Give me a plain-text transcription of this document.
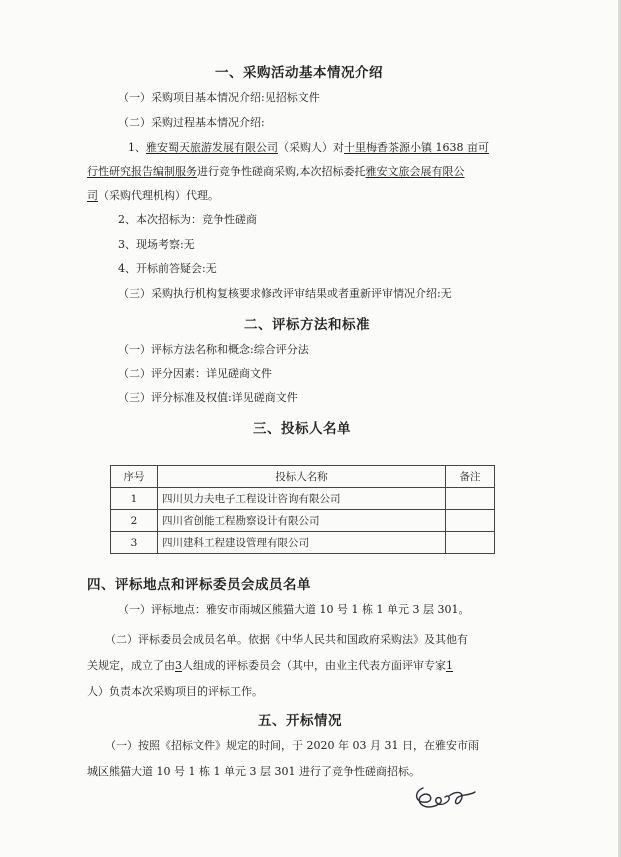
一、采购活动基本情况介绍
（一）采购项目基本情况介绍:见招标文件
（二）采购过程基本情况介绍:
1、雅安蜀天旅游发展有限公司（采购人）对十里梅香茶源小镇 1638 亩可
行性研究报告编制服务进行竞争性磋商采购,本次招标委托雅安文旅会展有限公
司（采购代理机构）代理。
2、本次招标为：竞争性磋商
3、现场考察:无
4、开标前答疑会:无
（三）采购执行机构复核要求修改评审结果或者重新评审情况介绍:无
二、评标方法和标准
（一）评标方法名称和概念:综合评分法
（二）评分因素：详见磋商文件
（三）评分标准及权值:详见磋商文件
三、投标人名单
序号	投标人名称	备注
1	四川贝力夫电子工程设计咨询有限公司	
2	四川省创能工程勘察设计有限公司	
3	四川建科工程建设管理有限公司	
四、评标地点和评标委员会成员名单
（一）评标地点：雅安市雨城区熊猫大道 10 号 1 栋 1 单元 3 层 301。
（二）评标委员会成员名单。依据《中华人民共和国政府采购法》及其他有
关规定，成立了由3人组成的评标委员会（其中，由业主代表方面评审专家1
人）负责本次采购项目的评标工作。
五、开标情况
（一）按照《招标文件》规定的时间，于 2020 年 03 月 31 日，在雅安市雨
城区熊猫大道 10 号 1 栋 1 单元 3 层 301 进行了竞争性磋商招标。
